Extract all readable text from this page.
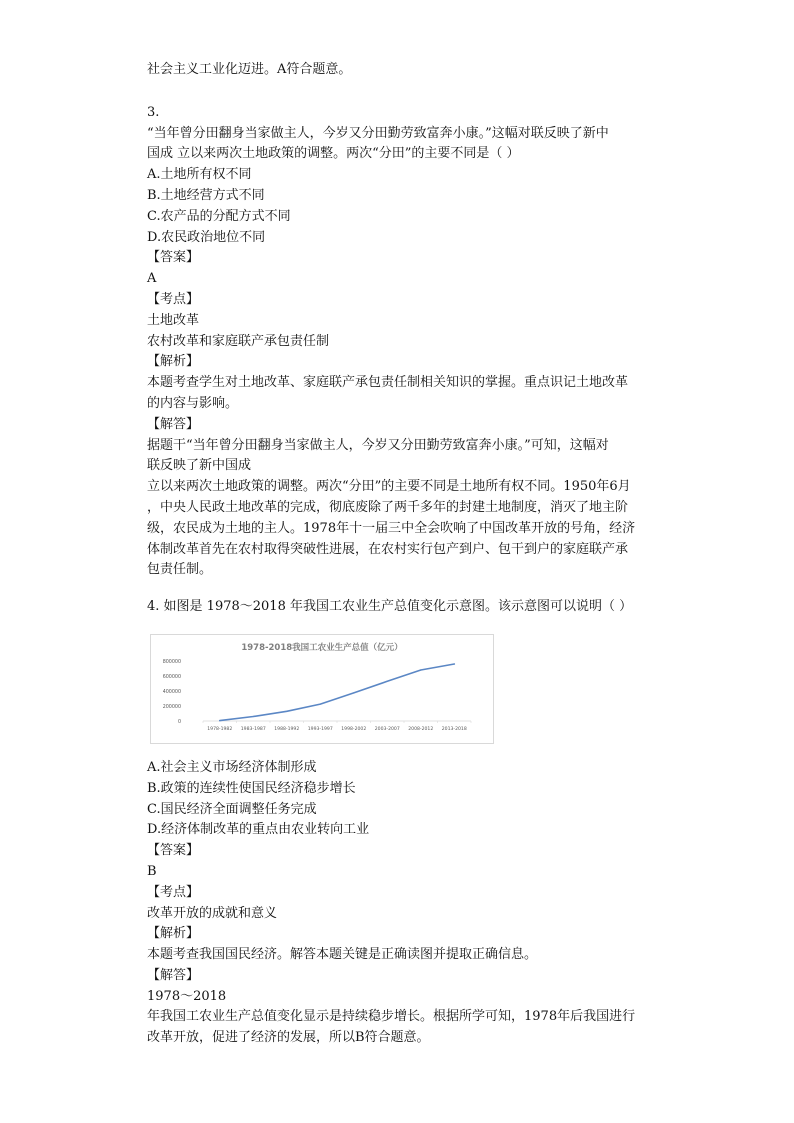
社会主义工业化迈进。A符合题意。
3.
“当年曾分田翻身当家做主人，今岁又分田勤劳致富奔小康。”这幅对联反映了新中
国成 立以来两次土地政策的调整。两次“分田”的主要不同是（ ）
A.土地所有权不同
B.土地经营方式不同
C.农产品的分配方式不同
D.农民政治地位不同
【答案】
A
【考点】
土地改革
农村改革和家庭联产承包责任制
【解析】
本题考查学生对土地改革、家庭联产承包责任制相关知识的掌握。重点识记土地改革
的内容与影响。
【解答】
据题干“当年曾分田翻身当家做主人，今岁又分田勤劳致富奔小康。”可知，这幅对
联反映了新中国成
立以来两次土地政策的调整。两次“分田”的主要不同是土地所有权不同。1950年6月
，中央人民政土地改革的完成，彻底废除了两千多年的封建土地制度，消灭了地主阶
级，农民成为土地的主人。1978年十一届三中全会吹响了中国改革开放的号角，经济
体制改革首先在农村取得突破性进展，在农村实行包产到户、包干到户的家庭联产承
包责任制。
4. 如图是 1978～2018 年我国工农业生产总值变化示意图。该示意图可以说明（ ）
1978-2018我国工农业生产总值（亿元）
800000
600000
400000
200000
0
1978-1982 1983-1987 1988-1992 1993-1997 1998-2002 2003-2007 2008-2012 2013-2018
A.社会主义市场经济体制形成
B.政策的连续性使国民经济稳步增长
C.国民经济全面调整任务完成
D.经济体制改革的重点由农业转向工业
【答案】
B
【考点】
改革开放的成就和意义
【解析】
本题考查我国国民经济。解答本题关键是正确读图并提取正确信息。
【解答】
1978～2018
年我国工农业生产总值变化显示是持续稳步增长。根据所学可知，1978年后我国进行
改革开放，促进了经济的发展，所以B符合题意。
